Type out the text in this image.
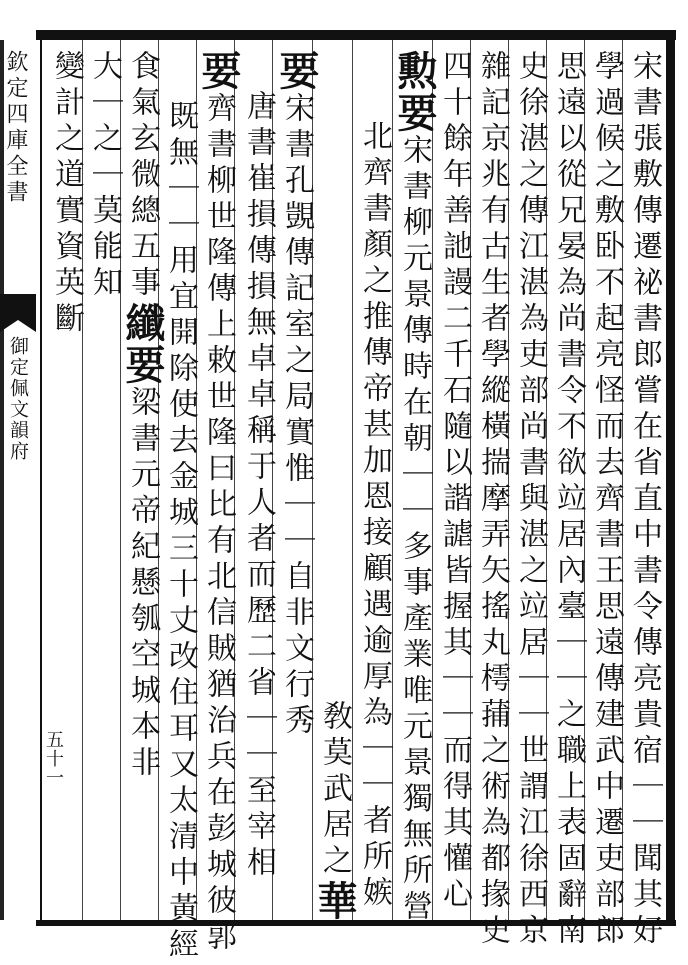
欽定四庫全書
御定佩文韻府
五十一	宋書張敷傳遷祕書郎嘗在省直中書令傳亮貴宿｜｜聞其好
學過候之敷卧不起亮怪而去齊書王思遠傳建武中遷吏部郎
思遠以從兄晏為尚書令不欲竝居內臺｜｜之職上表固辭南
史徐湛之傳江湛為吏部尚書與湛之竝居｜｜世謂江徐西京
雜記京兆有古生者學縱橫揣摩弄矢搖丸樗蒱之術為都掾史
四十餘年善訑謾二千石隨以諧謔皆握其｜｜而得其懽心
勲要宋書柳元景傳時在朝｜｜多事產業唯元景獨無所營
北齊書顏之推傳帝甚加恩接顧遇逾厚為｜｜者所嫉
敎莫武居之華
要宋書孔覬傳記室之局實惟｜｜自非文行秀
唐書崔損傳損無卓卓稱于人者而歷二省｜｜至宰相
要齊書柳世隆傳上敕世隆曰比有北信賊猶治兵在彭城彼郭
既無｜｜用宜開除使去金城三十丈改住耳又太清中黃經
食氣玄微總五事纖要梁書元帝紀懸瓠空城本非
大｜之｜莫能知
變計之道實資英斷
